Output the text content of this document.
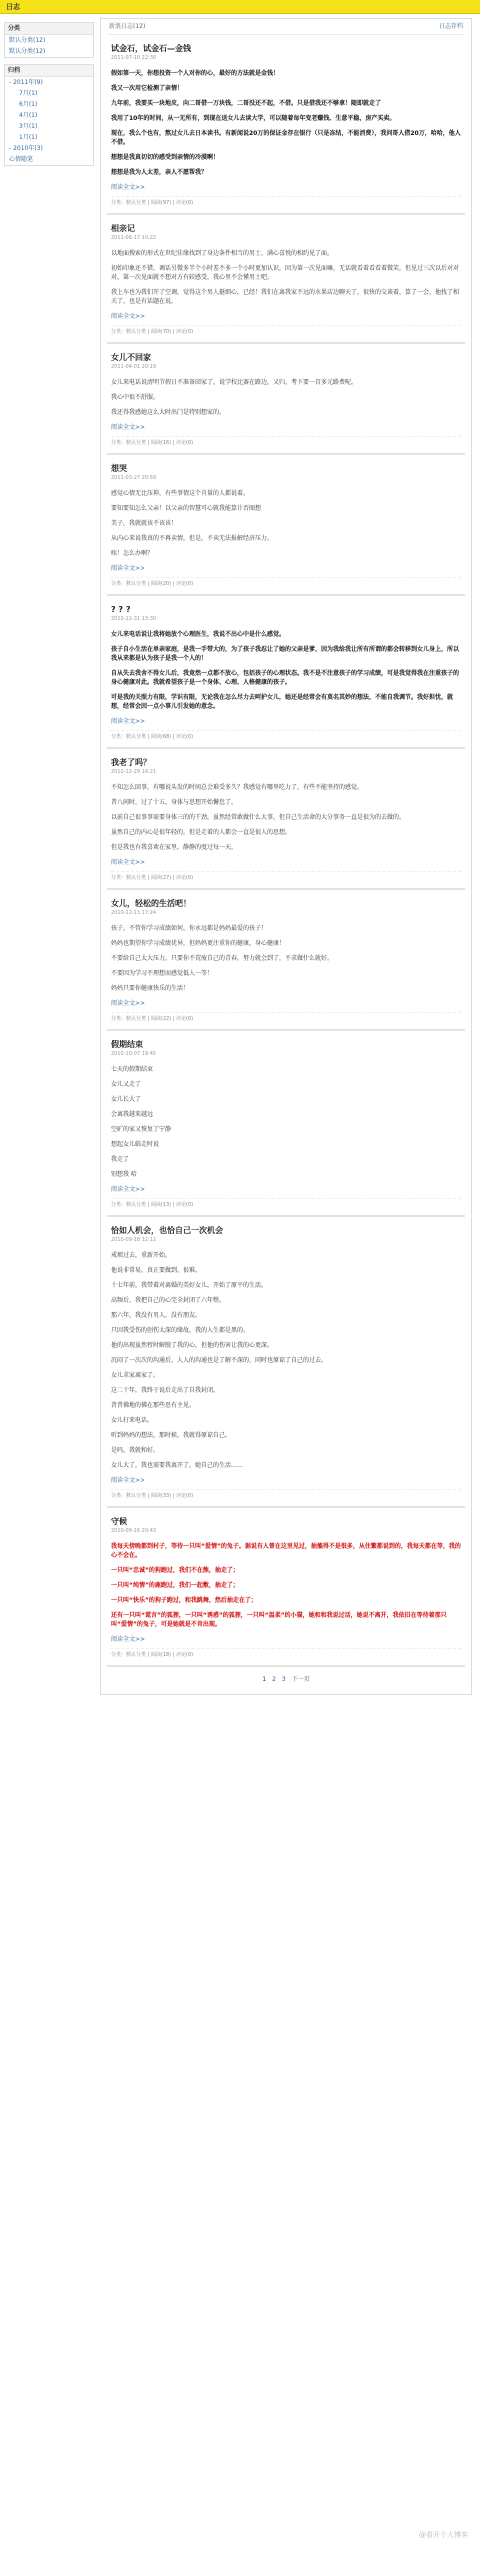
日志
分类
默认分类(12)
默认分类(12)
归档
- 2011年(9)
7月(1)
6月(1)
4月(1)
3月(1)
1月(1)
- 2010年(3)
心情随笔
新浪日志(12)	日志存档
试金石，试金石—金钱
2011-07-10 22:30

假如第一天，你想投资一个人对你的心，最好的方法就是金钱！

我又一次用它检测了亲情！

九年前，我要买一块地皮，向二哥借一万块钱，二哥没还不起，不借。只是借我还不够拿！随即就走了

我用了10年的时间，从一无所有，到现在送女儿去读大学，可以随着每年变老赚钱、生意平稳，房产买卖。

现在，我么个也有，熬过女儿去日本读书。有新闻说20万的保证金存在银行（只是冻结，不能消费），我问哥人借20万，哈哈，他人不借。

想想是我真切切的感受到亲情的冷漠啊！

想想是我为人太差，亲人不愿帮我？

阅读全文>>
分类：默认分类 | 阅读(97) | 评论(0)
相亲记
2011-06-17 10:22

以地面搜索的形式在世纪佳缘找到了身边条件相当的男士，满心喜悦的相约见了面。

初始印象还不错，调话另微多半个小时差不多一个小时更加认识，因为第一次见面嘛，无话就看着看看着微笑，但见过三次以后对对对，第一次见面就不想对方有较感受，我心里不会懂男士吧。

我上车也为我们开了空调，觉得这个男人挺细心，已经！我们在离我家不远的水果店边聊天了，很快的交谈着，算了一会，他找了相关了，也是有话题在说。

阅读全文>>
分类：默认分类 | 阅读(70) | 评论(0)
女儿不回家
2011-04-01 20:19

女儿来电话说清明节假日不准备回家了，说学校比赛在路边，又归，考下要一百多元路费呢。

我心中很不舒服。

我还得我感她这么大时出门是特别想家的。

阅读全文>>
分类：默认分类 | 阅读(16) | 评论(0)
想哭
2011-03-27 20:59

感觉心情无比压抑，有些事情这个肯量的人都说着。

要知要知怎么父亲！以父亲的智慧可心就我能算计否图想

美子，我就就该不该该！

从内心来说我真的不再卖情，但是，不卖无法报解经济压力。

唉！怎么办啊？

阅读全文>>
分类：默认分类 | 阅读(20) | 评论(0)
? ? ?
2010-12-31 13:30

女儿来电话说让我将她放个心理医生，我说不出心中是什么感觉。

孩子自小生活在单亲家庭，是我一手带大的，为了孩子我忍让了她的父亲是爹，因为我给我让所有所谓的都会转移到女儿身上，所以我从来都是认为孩子是我一个人的！

自从失去我舍不得女儿后，我竟然一点都不放心，包括孩子的心理状态。我不是不注意孩子的学习成绩，可是我觉得我在注重孩子的身心健康对此。我就希望孩子是一个身体、心理、人格健康的孩子。

可是我的关照力有限，学识有限，无论我在怎么尽力去呵护女儿，她还是经常会有莫名其妙的想法，不能自我调节。我好担忧，就想，经常会因一点小事儿引发她的意念。

阅读全文>>
分类：默认分类 | 阅读(68) | 评论(0)
我老了吗？
2010-12-29 16:21

不知怎么回事，有哪说头发的时间总会难受多久？我感觉有哪里吃力了，有些不能坚持的感觉。

昔八间时，过了十五，身体与思想开始懈怠了。

以前自己很事事需要身体三的的干劲，虽然经常敢做什么大事，但自己生活命的大分事务一直是很为的去做的。

虽然自己的内心是很年轻的，但是走着的人都会一直是很人的思想。

但是我也有我喜欢在家里，静静的度过每一天。

阅读全文>>
分类：默认分类 | 阅读(27) | 评论(0)
女儿，轻松的生活吧！
2010-12-13 17:24

孩子，不管你学习成绩如何，你永远都是妈妈最爱的孩子！

妈妈也期望你学习成绩优异，但妈妈更注重你的健康，身心健康！

不要给自己太大压力，只要你不荒废自己的青春，努力就会到了，不求做什么就好。

不要因为学习不理想而感觉低人一等！

妈妈只要你健康快乐的生活！

阅读全文>>
分类：默认分类 | 阅读(22) | 评论(0)
假期结束
2010-10-07 19:45

七天的假期结束

女儿又走了

女儿长大了

会离我越来越远

空旷的家又恢复了宁静

想起女儿临走时说

我走了

别想我 哈

阅读全文>>
分类：默认分类 | 阅读(13) | 评论(0)
恰如人机会，也恰自己一次机会
2010-09-18 12:12

戒烦过去，重新开始。

他说非常易，真正要做到，很难。

十七年前，我带着对离婚的美好女儿，开始了原平的生活。

高频后，我把自己的心完全封闭了六年整。

那六年，我没有男人，没有朋友。

只因我受伤的创伤太深的缘故，我的人生都是黑的。

他的出现虽然暂时解脱了我的心，但他的伤害让我的心更深。

沉闷了一次次的沟通后，人人的沟通也是了解不深的，同时也原谅了自己的过去。

女儿求家离家了。

这二十年，我终于说后走出了自我封闭。

昔昔佛地的佛在那些思有主见。

女儿打来电话。

听到妈妈的想法，那时候，我就得原谅自己。

是吗，我就和好。

女儿大了，我也需要我离开了，她自己的生活……

阅读全文>>
分类：默认分类 | 阅读(33) | 评论(0)
守候
2010-09-16 20:43

我每天傍晚都到村子，等待一只叫“爱情”的兔子。据说有人曾在这里见过，抽搐得不是很多，从住繁都说到的，我每天都在等，我的心不会在。

一只叫“忠诚”的狗跑过，我们不在熊，抽走了；

一只叫“纯情”的鹿跑过，我们一起敷，抽走了；

一只叫“快乐”的狗子跑过，和我跳舞，然后抽走在了；

还有一只叫“谎言”的狐狸，一只叫“诱惑”的狐狸，一只叫“温柔”的小猫，她和和我说过话，她说不离开，我依旧在等待着那只叫“爱情”的兔子，可是她就是不肯出现。

阅读全文>>
分类：默认分类 | 阅读(18) | 评论(0)
1 2 3 下一页
@看开个人博客
